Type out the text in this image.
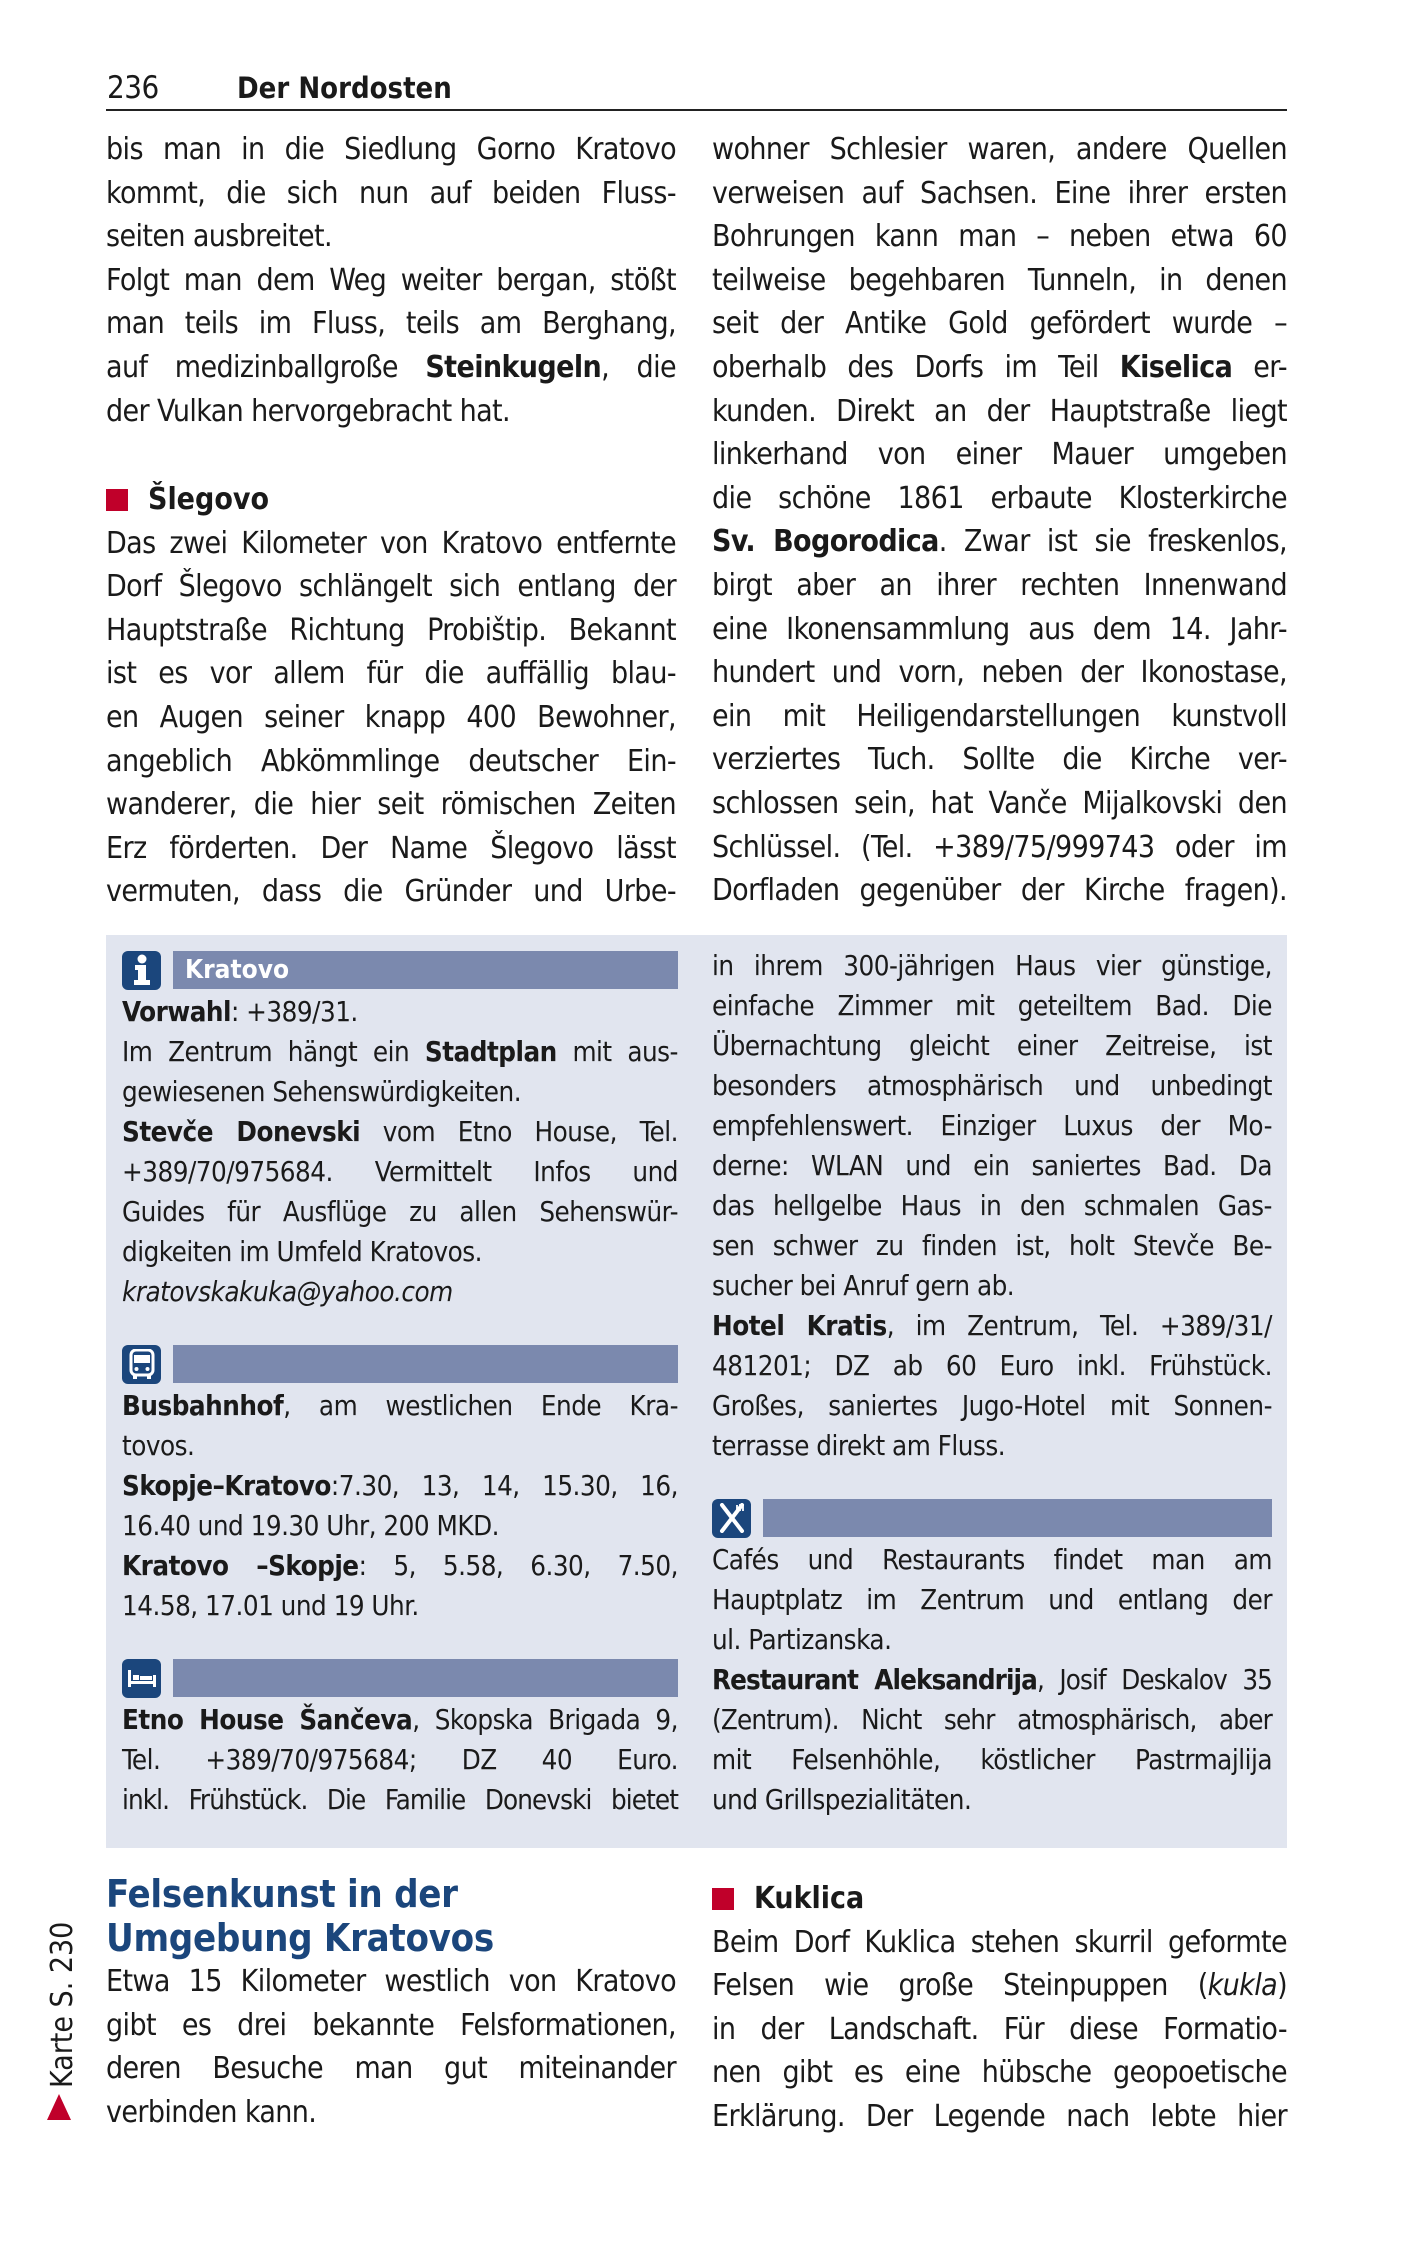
236	Der Nordosten
bis man in die Siedlung Gorno Kratovo
kommt, die sich nun auf beiden Fluss-
seiten ausbreitet.
Folgt man dem Weg weiter bergan, stößt
man teils im Fluss, teils am Berghang,
auf medizinballgroße Steinkugeln, die
der Vulkan hervorgebracht hat.
Šlegovo
Das zwei Kilometer von Kratovo entfernte
Dorf Šlegovo schlängelt sich entlang der
Hauptstraße Richtung Probištip. Bekannt
ist es vor allem für die auffällig blau-
en Augen seiner knapp 400 Bewohner,
angeblich Abkömmlinge deutscher Ein-
wanderer, die hier seit römischen Zeiten
Erz förderten. Der Name Šlegovo lässt
vermuten, dass die Gründer und Urbe-
wohner Schlesier waren, andere Quellen
verweisen auf Sachsen. Eine ihrer ersten
Bohrungen kann man – neben etwa 60
teilweise begehbaren Tunneln, in denen
seit der Antike Gold gefördert wurde –
oberhalb des Dorfs im Teil Kiselica er-
kunden. Direkt an der Hauptstraße liegt
linkerhand von einer Mauer umgeben
die schöne 1861 erbaute Klosterkirche
Sv. Bogorodica. Zwar ist sie freskenlos,
birgt aber an ihrer rechten Innenwand
eine Ikonensammlung aus dem 14. Jahr-
hundert und vorn, neben der Ikonostase,
ein mit Heiligendarstellungen kunstvoll
verziertes Tuch. Sollte die Kirche ver-
schlossen sein, hat Vanče Mijalkovski den
Schlüssel. (Tel. +389/75/999743 oder im
Dorfladen gegenüber der Kirche fragen).
Kratovo
Vorwahl: +389/31.
Im Zentrum hängt ein Stadtplan mit aus-
gewiesenen Sehenswürdigkeiten.
Stevče Donevski vom Etno House, Tel.
+389/70/975684. Vermittelt Infos und
Guides für Ausflüge zu allen Sehenswür-
digkeiten im Umfeld Kratovos.
kratovskakuka@yahoo.com
Busbahnhof, am westlichen Ende Kra-
tovos.
Skopje–Kratovo:7.30, 13, 14, 15.30, 16,
16.40 und 19.30 Uhr, 200 MKD.
Kratovo –Skopje: 5, 5.58, 6.30, 7.50,
14.58, 17.01 und 19 Uhr.
Etno House Šančeva, Skopska Brigada 9,
Tel. +389/70/975684; DZ 40 Euro.
inkl. Frühstück. Die Familie Donevski bietet
in ihrem 300-jährigen Haus vier günstige,
einfache Zimmer mit geteiltem Bad. Die
Übernachtung gleicht einer Zeitreise, ist
besonders atmosphärisch und unbedingt
empfehlenswert. Einziger Luxus der Mo-
derne: WLAN und ein saniertes Bad. Da
das hellgelbe Haus in den schmalen Gas-
sen schwer zu finden ist, holt Stevče Be-
sucher bei Anruf gern ab.
Hotel Kratis, im Zentrum, Tel. +389/31/
481201; DZ ab 60 Euro inkl. Frühstück.
Großes, saniertes Jugo-Hotel mit Sonnen-
terrasse direkt am Fluss.
Cafés und Restaurants findet man am
Hauptplatz im Zentrum und entlang der
ul. Partizanska.
Restaurant Aleksandrija, Josif Deskalov 35
(Zentrum). Nicht sehr atmosphärisch, aber
mit Felsenhöhle, köstlicher Pastrmajlija
und Grillspezialitäten.
Felsenkunst in der
Umgebung Kratovos
Etwa 15 Kilometer westlich von Kratovo
gibt es drei bekannte Felsformationen,
deren Besuche man gut miteinander
verbinden kann.
Kuklica
Beim Dorf Kuklica stehen skurril geformte
Felsen wie große Steinpuppen (kukla)
in der Landschaft. Für diese Formatio-
nen gibt es eine hübsche geopoetische
Erklärung. Der Legende nach lebte hier
Karte S. 230
